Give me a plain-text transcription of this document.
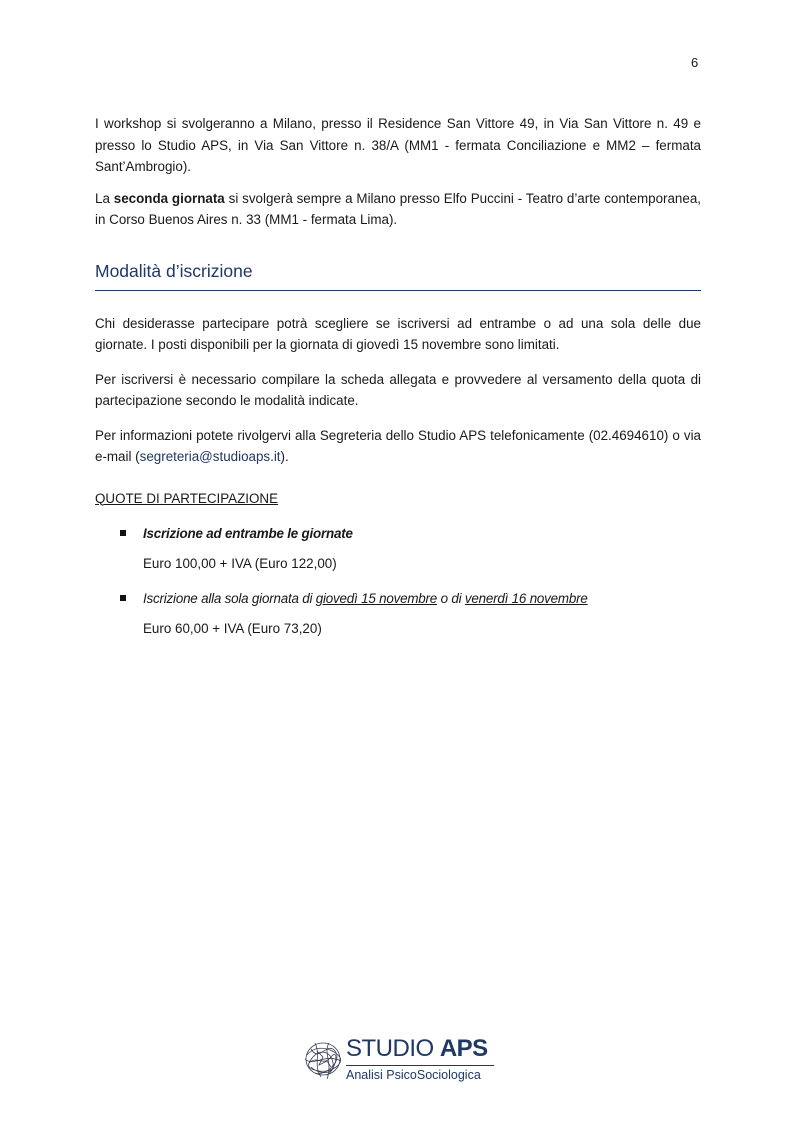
6

I workshop si svolgeranno a Milano, presso il Residence San Vittore 49, in Via San Vittore n. 49 e presso lo Studio APS, in Via San Vittore n. 38/A (MM1 - fermata Conciliazione e MM2 – fermata Sant’Ambrogio).

La seconda giornata si svolgerà sempre a Milano presso Elfo Puccini - Teatro d’arte contemporanea, in Corso Buenos Aires n. 33 (MM1 - fermata Lima).

Modalità d’iscrizione

Chi desiderasse partecipare potrà scegliere se iscriversi ad entrambe o ad una sola delle due giornate. I posti disponibili per la giornata di giovedì 15 novembre sono limitati.

Per iscriversi è necessario compilare la scheda allegata e provvedere al versamento della quota di partecipazione secondo le modalità indicate.

Per informazioni potete rivolgervi alla Segreteria dello Studio APS telefonicamente (02.4694610) o via e-mail (segreteria@studioaps.it).

QUOTE DI PARTECIPAZIONE
Iscrizione ad entrambe le giornate
Euro 100,00 + IVA (Euro 122,00)
Iscrizione alla sola giornata di giovedì 15 novembre o di venerdì 16 novembre
Euro 60,00 + IVA (Euro 73,20)
STUDIO APS
Analisi PsicoSociologica
